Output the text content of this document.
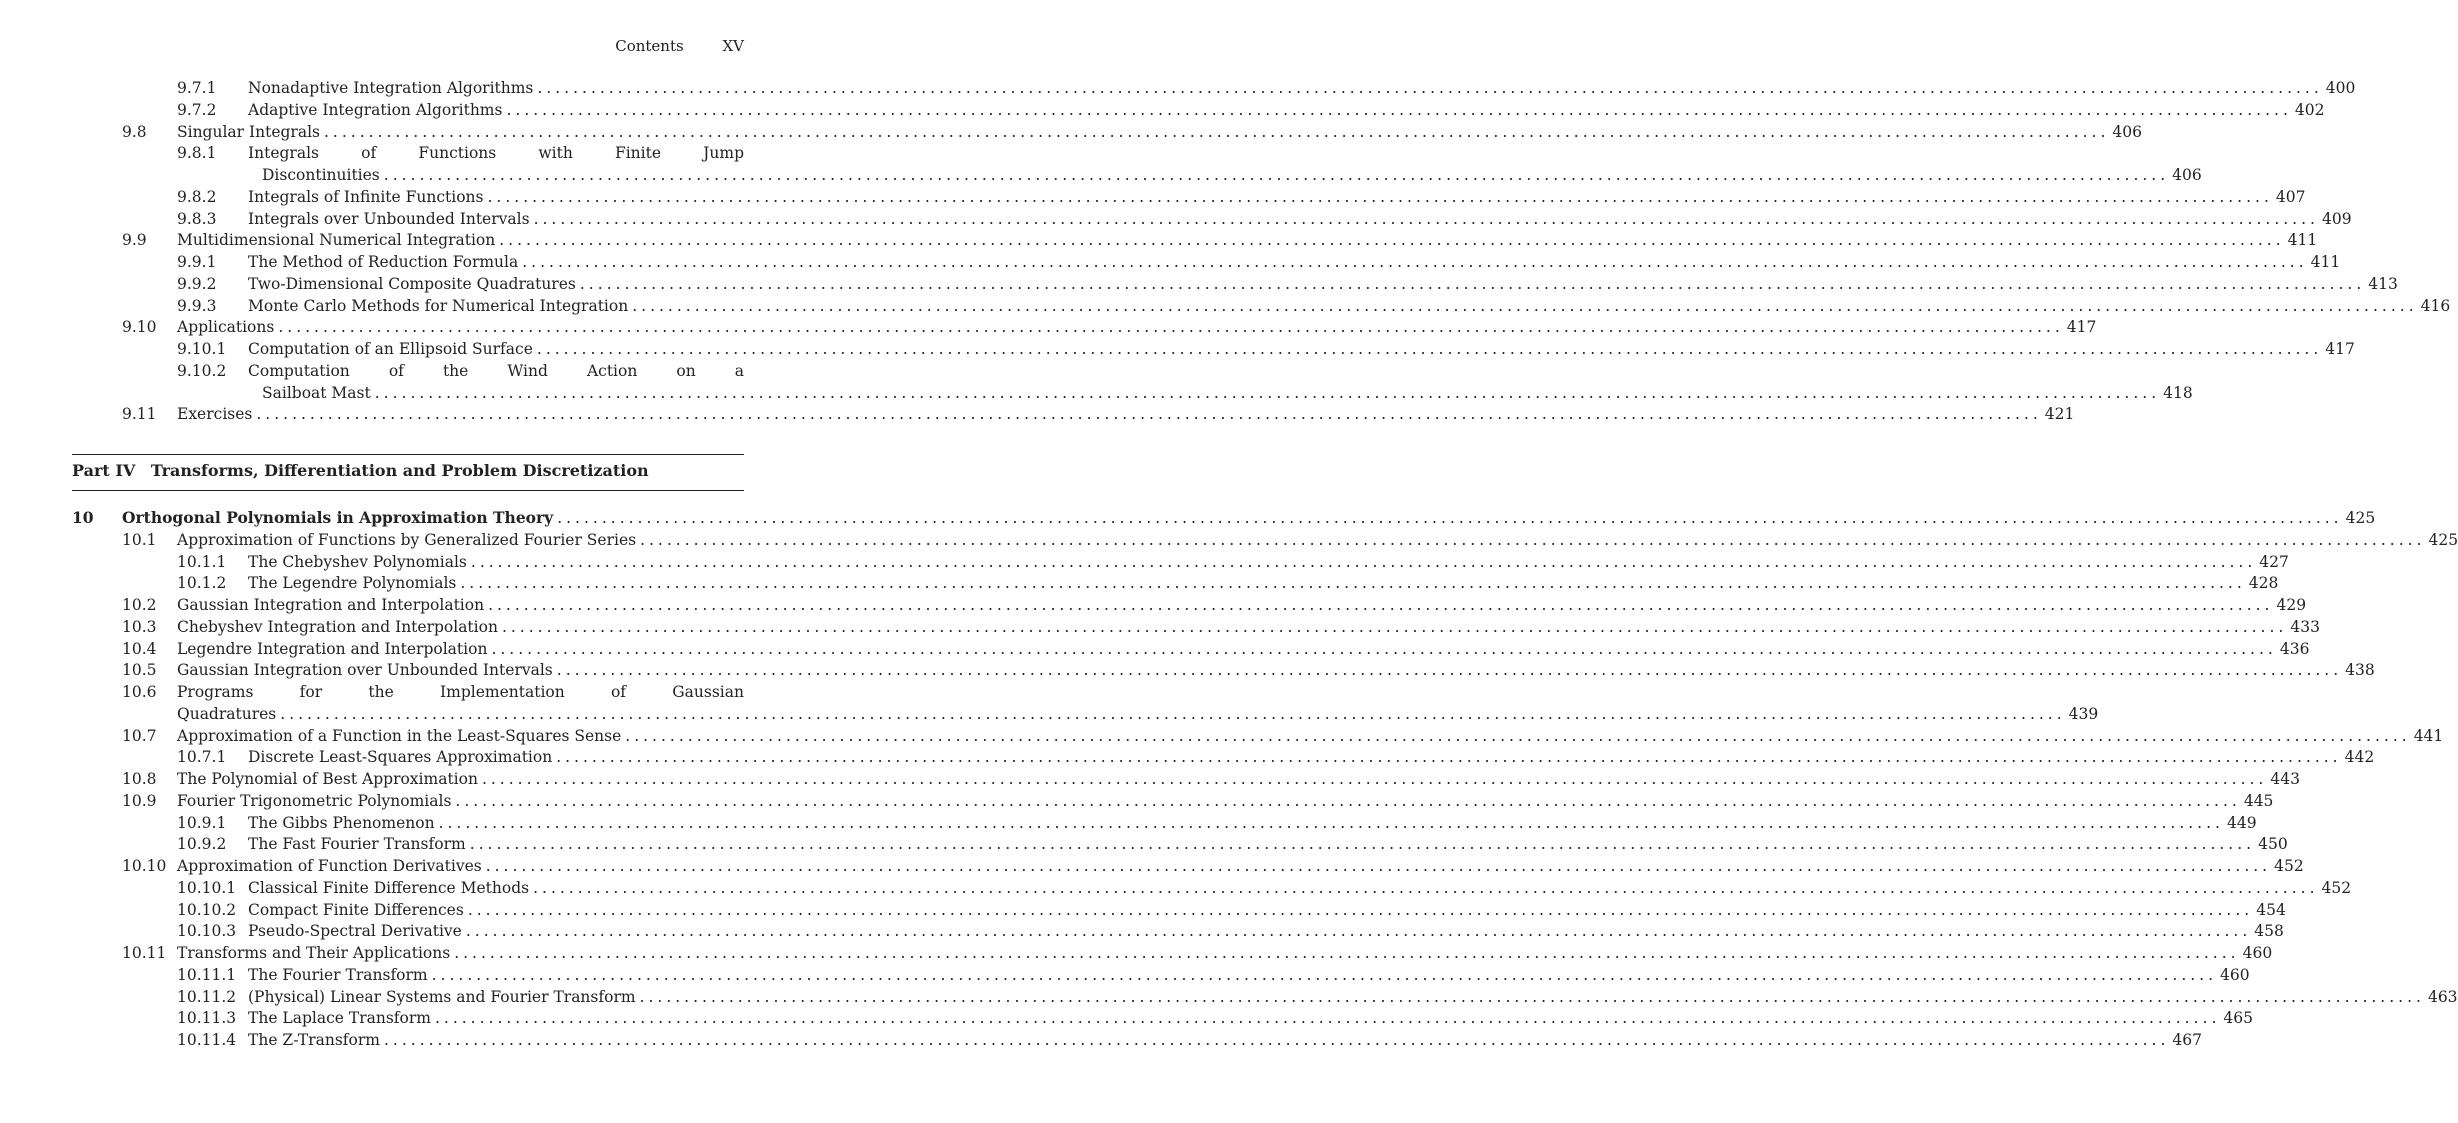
Contents	XV
9.7.1 Nonadaptive Integration Algorithms ........................................................................................................................................................................................................ 400
9.7.2 Adaptive Integration Algorithms ........................................................................................................................................................................................................ 402
9.8 Singular Integrals ........................................................................................................................................................................................................ 406
9.8.1 Integrals of Functions with Finite Jump
Discontinuities ........................................................................................................................................................................................................ 406
9.8.2 Integrals of Infinite Functions ........................................................................................................................................................................................................ 407
9.8.3 Integrals over Unbounded Intervals ........................................................................................................................................................................................................ 409
9.9 Multidimensional Numerical Integration ........................................................................................................................................................................................................ 411
9.9.1 The Method of Reduction Formula ........................................................................................................................................................................................................ 411
9.9.2 Two-Dimensional Composite Quadratures ........................................................................................................................................................................................................ 413
9.9.3 Monte Carlo Methods for Numerical Integration ........................................................................................................................................................................................................ 416
9.10 Applications ........................................................................................................................................................................................................ 417
9.10.1 Computation of an Ellipsoid Surface ........................................................................................................................................................................................................ 417
9.10.2 Computation of the Wind Action on a
Sailboat Mast ........................................................................................................................................................................................................ 418
9.11 Exercises ........................................................................................................................................................................................................ 421
Part IV Transforms, Differentiation and Problem Discretization
10 Orthogonal Polynomials in Approximation Theory ........................................................................................................................................................................................................ 425
10.1 Approximation of Functions by Generalized Fourier Series ........................................................................................................................................................................................................ 425
10.1.1 The Chebyshev Polynomials ........................................................................................................................................................................................................ 427
10.1.2 The Legendre Polynomials ........................................................................................................................................................................................................ 428
10.2 Gaussian Integration and Interpolation ........................................................................................................................................................................................................ 429
10.3 Chebyshev Integration and Interpolation ........................................................................................................................................................................................................ 433
10.4 Legendre Integration and Interpolation ........................................................................................................................................................................................................ 436
10.5 Gaussian Integration over Unbounded Intervals ........................................................................................................................................................................................................ 438
10.6 Programs for the Implementation of Gaussian
Quadratures ........................................................................................................................................................................................................ 439
10.7 Approximation of a Function in the Least-Squares Sense ........................................................................................................................................................................................................ 441
10.7.1 Discrete Least-Squares Approximation ........................................................................................................................................................................................................ 442
10.8 The Polynomial of Best Approximation ........................................................................................................................................................................................................ 443
10.9 Fourier Trigonometric Polynomials ........................................................................................................................................................................................................ 445
10.9.1 The Gibbs Phenomenon ........................................................................................................................................................................................................ 449
10.9.2 The Fast Fourier Transform ........................................................................................................................................................................................................ 450
10.10 Approximation of Function Derivatives ........................................................................................................................................................................................................ 452
10.10.1 Classical Finite Difference Methods ........................................................................................................................................................................................................ 452
10.10.2 Compact Finite Differences ........................................................................................................................................................................................................ 454
10.10.3 Pseudo-Spectral Derivative ........................................................................................................................................................................................................ 458
10.11 Transforms and Their Applications ........................................................................................................................................................................................................ 460
10.11.1 The Fourier Transform ........................................................................................................................................................................................................ 460
10.11.2 (Physical) Linear Systems and Fourier Transform ........................................................................................................................................................................................................ 463
10.11.3 The Laplace Transform ........................................................................................................................................................................................................ 465
10.11.4 The Z-Transform ........................................................................................................................................................................................................ 467
